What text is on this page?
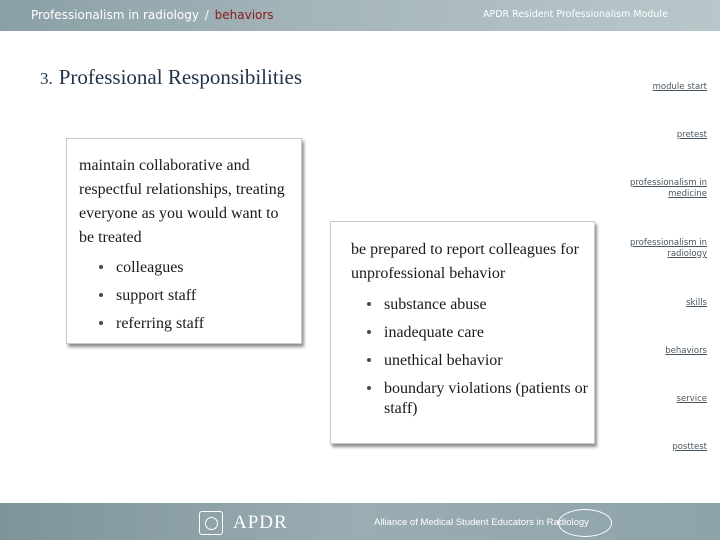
Professionalism in radiology / behaviors	APDR Resident Professionalism Module
3. Professional Responsibilities	module start
pretest
professionalism in medicine
professionalism in radiology
skills
behaviors
service
posttest

maintain collaborative and respectful relationships, treating everyone as you would want to be treated

colleagues
support staff
referring staff

be prepared to report colleagues for unprofessional behavior

substance abuse
inadequate care
unethical behavior
boundary violations (patients or staff)
APDR	Alliance of Medical Student Educators in Radiology
